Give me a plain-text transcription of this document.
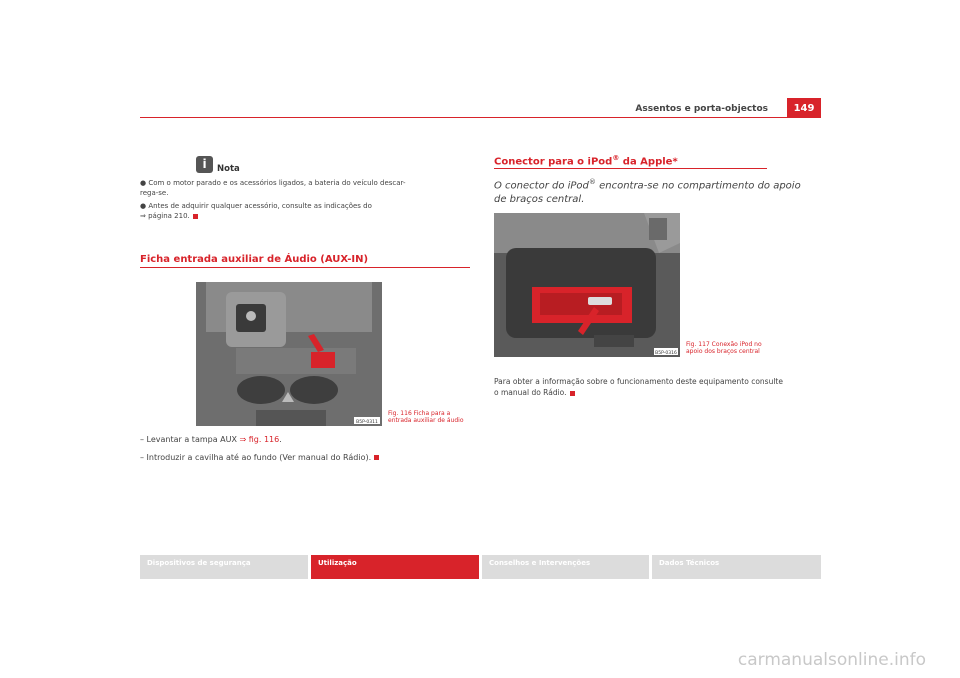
Assentos e porta-objectos	149
i	Nota
● Com o motor parado e os acessórios ligados, a bateria do veículo descar-
rega-se.
● Antes de adquirir qualquer acessório, consulte as indicações do
⇒ página 210.
Ficha entrada auxiliar de Áudio (AUX-IN)
B5P-0311
Fig. 116 Ficha para a
entrada auxiliar de áudio
– Levantar a tampa AUX ⇒ fig. 116.
– Introduzir a cavilha até ao fundo (Ver manual do Rádio).
Conector para o iPod® da Apple*
O conector do iPod® encontra-se no compartimento do apoio
de braços central.
B5P-0316
Fig. 117 Conexão iPod no
apoio dos braços central
Para obter a informação sobre o funcionamento deste equipamento consulte
o manual do Rádio.
Dispositivos de segurança	Utilização	Conselhos e Intervenções	Dados Técnicos
carmanualsonline.info
